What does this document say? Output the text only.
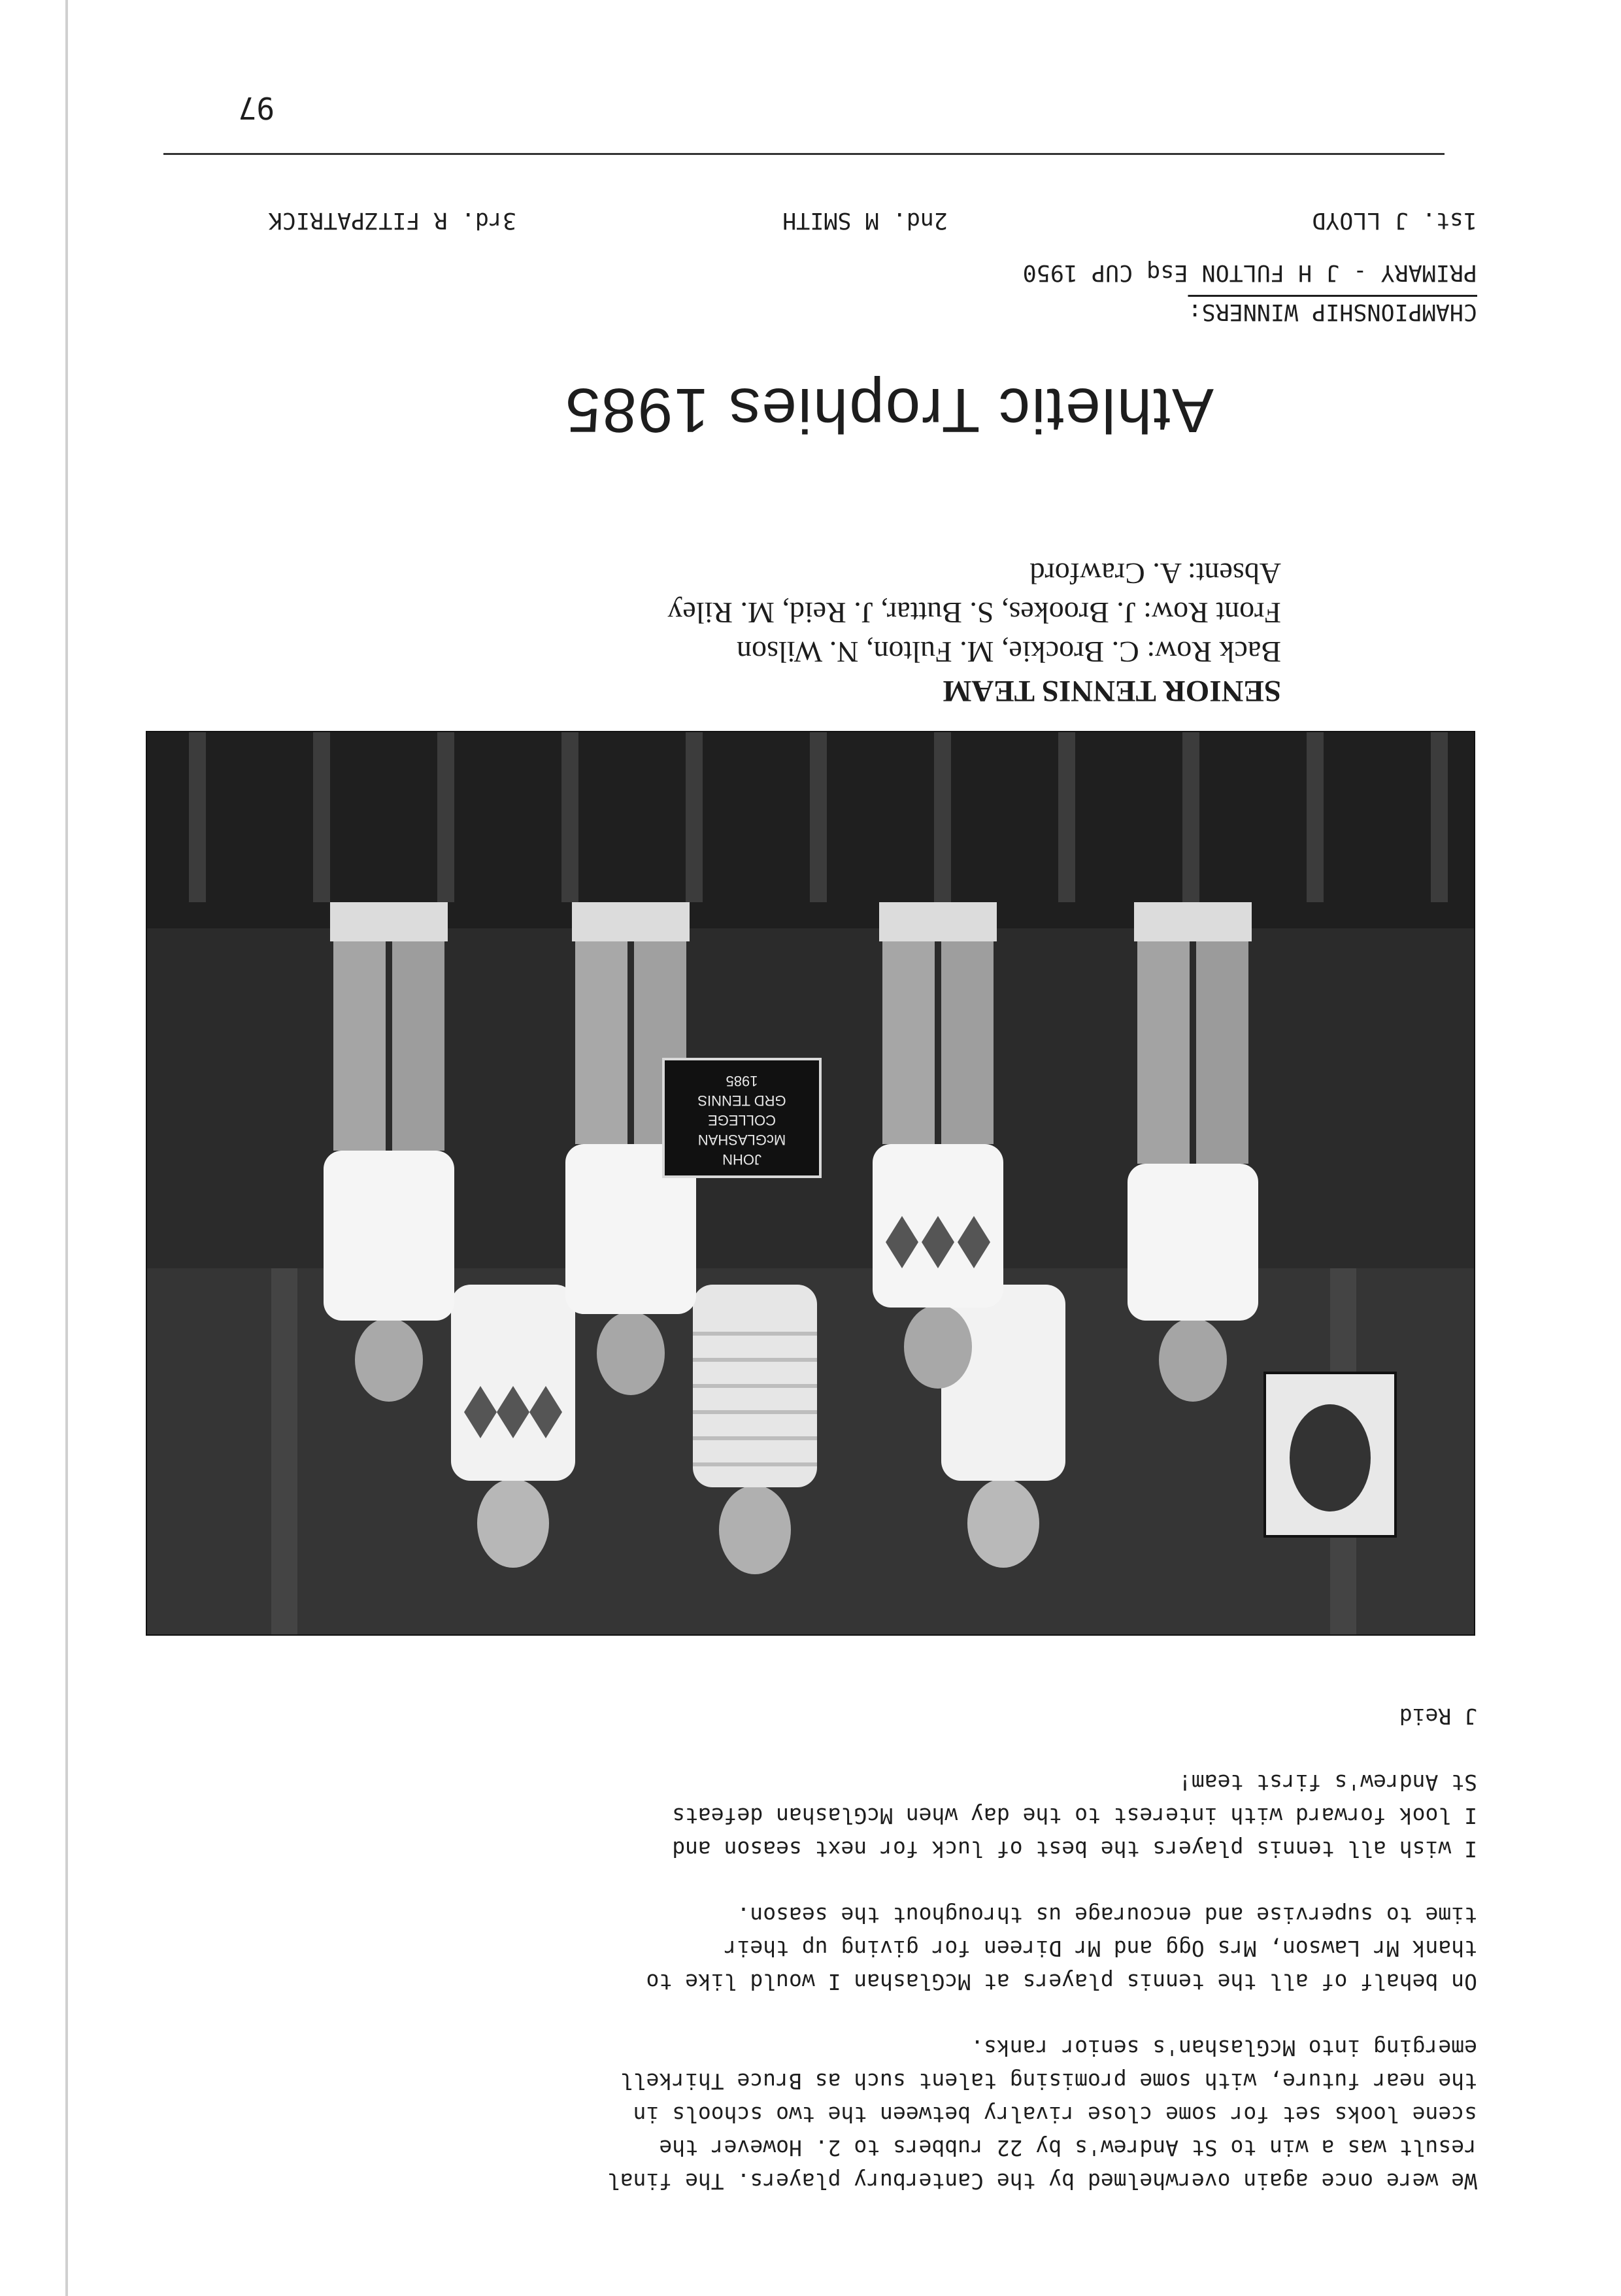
We were once again overwhelmed by the Canterbury players. The final
result was a win to St Andrew's by 22 rubbers to 2. However the
scene looks set for some close rivalry between the two schools in
the near future, with some promising talent such as Bruce Thirkell
emerging into McGlashan's senior ranks.

On behalf of all the tennis players at McGlashan I would like to
thank Mr Lawson, Mrs Ogg and Mr Direen for giving up their
time to supervise and encourage us throughout the season.

I wish all tennis players the best of luck for next season and
I look forward with interest to the day when McGlashan defeats
St Andrew's first team!

J Reid

JOHN
McGLASHAN
COLLEGE
GRD TENNIS
1985
SENIOR TENNIS TEAM
Back Row: C. Brockie, M. Fulton, N. Wilson
Front Row: J. Brookes, S. Buttar, J. Reid, M. Riley
Absent: A. Crawford
Athletic Trophies 1985
CHAMPIONSHIP WINNERS:
PRIMARY - J H FULTON Esq CUP 1950
1st. J LLOYD
2nd. M SMITH
3rd. R FITZPATRICK
97
